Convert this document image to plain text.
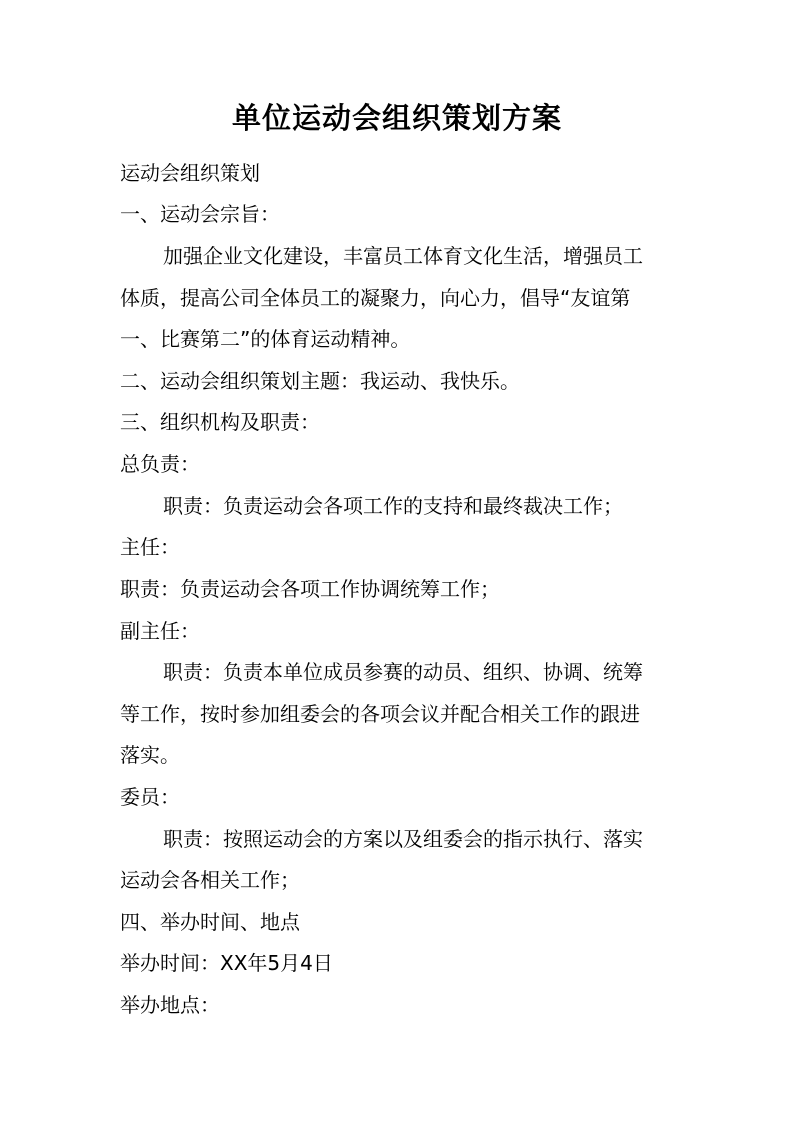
单位运动会组织策划方案
运动会组织策划
一、运动会宗旨：
加强企业文化建设，丰富员工体育文化生活，增强员工
体质，提高公司全体员工的凝聚力，向心力，倡导“友谊第
一、比赛第二”的体育运动精神。
二、运动会组织策划主题：我运动、我快乐。
三、组织机构及职责：
总负责：
职责：负责运动会各项工作的支持和最终裁决工作；
主任：
职责：负责运动会各项工作协调统筹工作；
副主任：
职责：负责本单位成员参赛的动员、组织、协调、统筹
等工作，按时参加组委会的各项会议并配合相关工作的跟进
落实。
委员：
职责：按照运动会的方案以及组委会的指示执行、落实
运动会各相关工作；
四、举办时间、地点
举办时间：XX年5月4日
举办地点：
